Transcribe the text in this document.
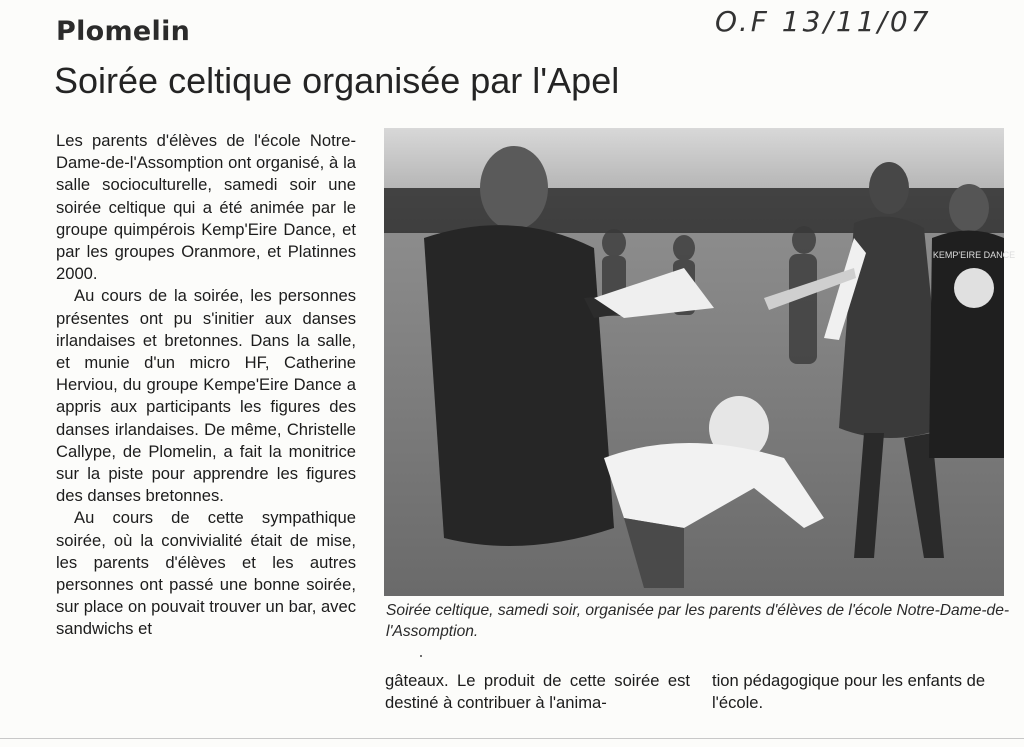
Plomelin
Soirée celtique organisée par l'Apel
O.F 13/11/07

Les parents d'élèves de l'école Notre-Dame-de-l'Assomption ont organisé, à la salle socioculturelle, samedi soir une soirée celtique qui a été animée par le groupe quimpérois Kemp'Eire Dance, et par les groupes Oranmore, et Platinnes 2000.

Au cours de la soirée, les personnes présentes ont pu s'initier aux danses irlandaises et bretonnes. Dans la salle, et munie d'un micro HF, Catherine Herviou, du groupe Kempe'Eire Dance a appris aux participants les figures des danses irlandaises. De même, Christelle Callype, de Plomelin, a fait la monitrice sur la piste pour apprendre les figures des danses bretonnes.

Au cours de cette sympathique soirée, où la convivialité était de mise, les parents d'élèves et les autres personnes ont passé une bonne soirée, sur place on pouvait trouver un bar, avec sandwichs et

KEMP'EIRE DANCE
Soirée celtique, samedi soir, organisée par les parents d'élèves de l'école Notre-Dame-de-l'Assomption.

gâteaux. Le produit de cette soirée est destiné à contribuer à l'anima-

tion pédagogique pour les enfants de l'école.
